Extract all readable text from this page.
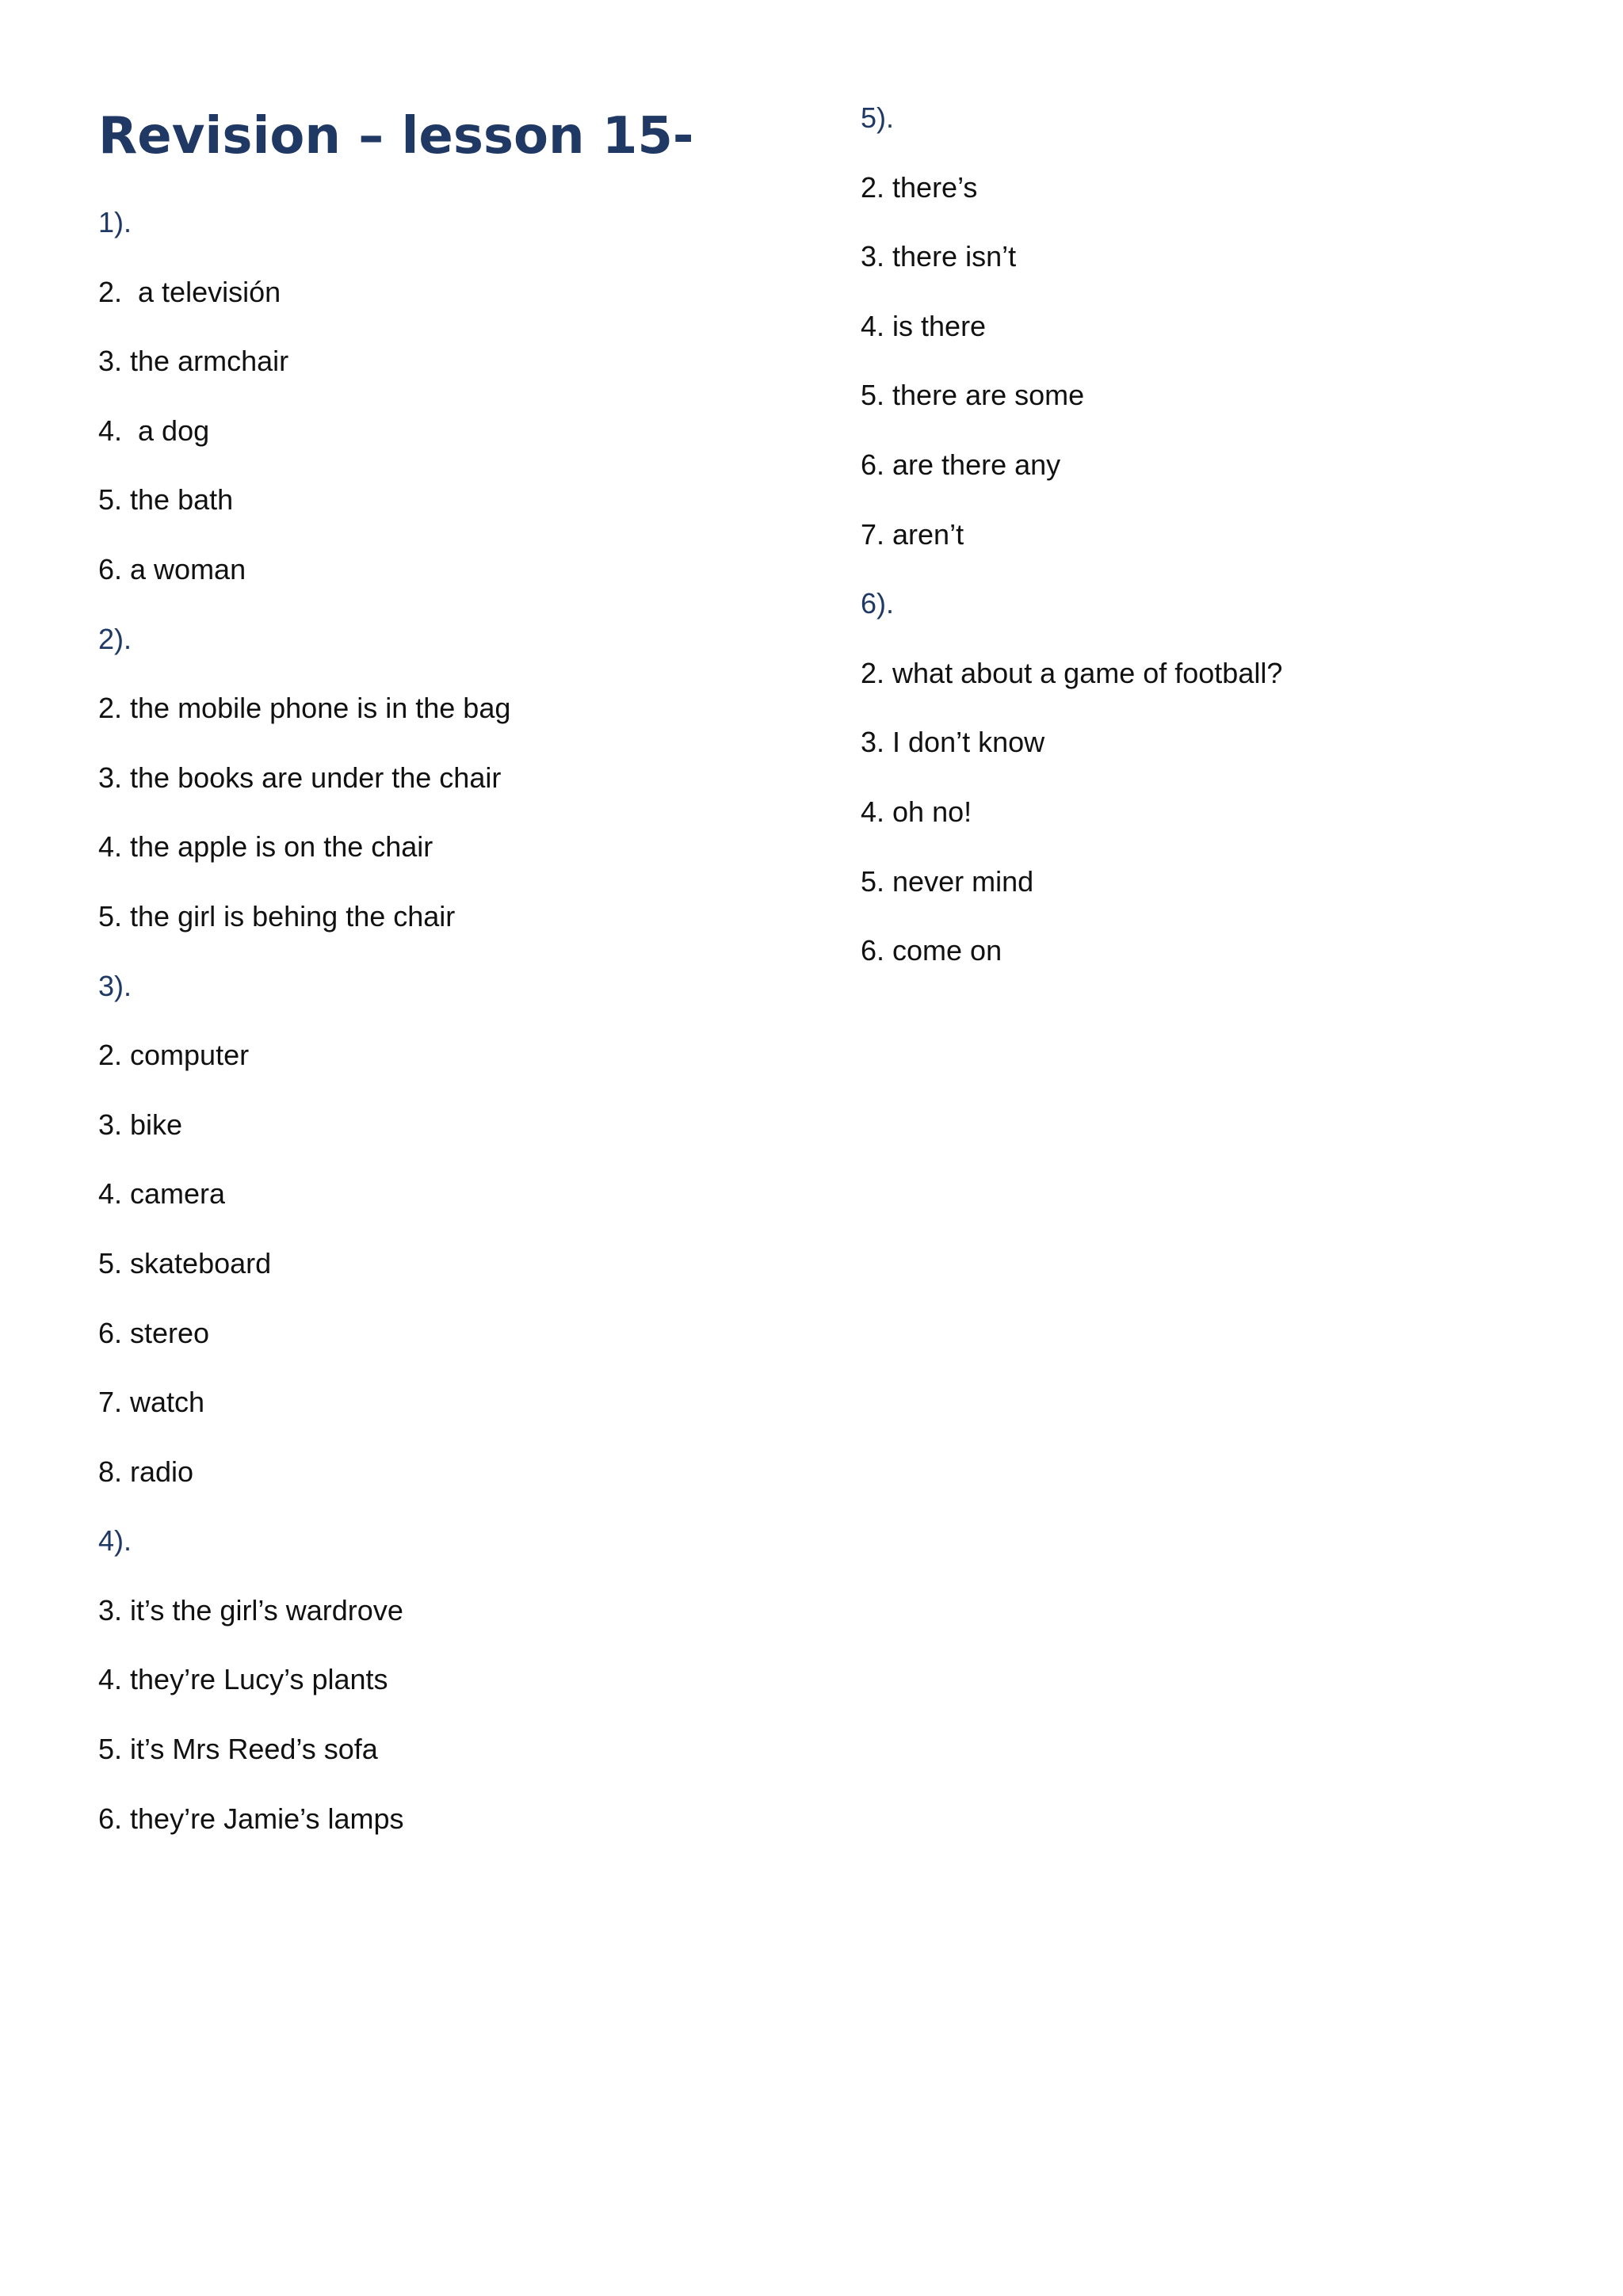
Revision – lesson 15-
1).
2.  a televisión
3. the armchair
4.  a dog
5. the bath
6. a woman
2).
2. the mobile phone is in the bag
3. the books are under the chair
4. the apple is on the chair
5. the girl is behing the chair
3).
2. computer
3. bike
4. camera
5. skateboard
6. stereo
7. watch
8. radio
4).
3. it’s the girl’s wardrove
4. they’re Lucy’s plants
5. it’s Mrs Reed’s sofa
6. they’re Jamie’s lamps
5).
2. there’s
3. there isn’t
4. is there
5. there are some
6. are there any
7. aren’t
6).
2. what about a game of football?
3. I don’t know
4. oh no!
5. never mind
6. come on
